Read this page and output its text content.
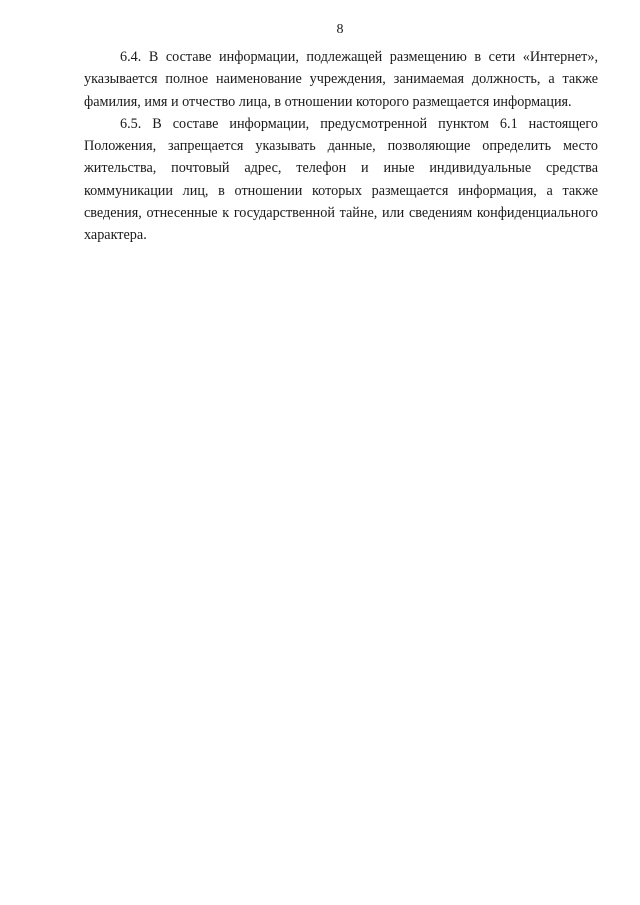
8

6.4. В составе информации, подлежащей размещению в сети «Интернет», указывается полное наименование учреждения, занимаемая должность, а также фамилия, имя и отчество лица, в отношении которого размещается информация.

6.5. В составе информации, предусмотренной пунктом 6.1 настоящего Положения, запрещается указывать данные, позволяющие определить место жительства, почтовый адрес, телефон и иные индивидуальные средства коммуникации лиц, в отношении которых размещается информация, а также сведения, отнесенные к государственной тайне, или сведениям конфиденциального характера.
